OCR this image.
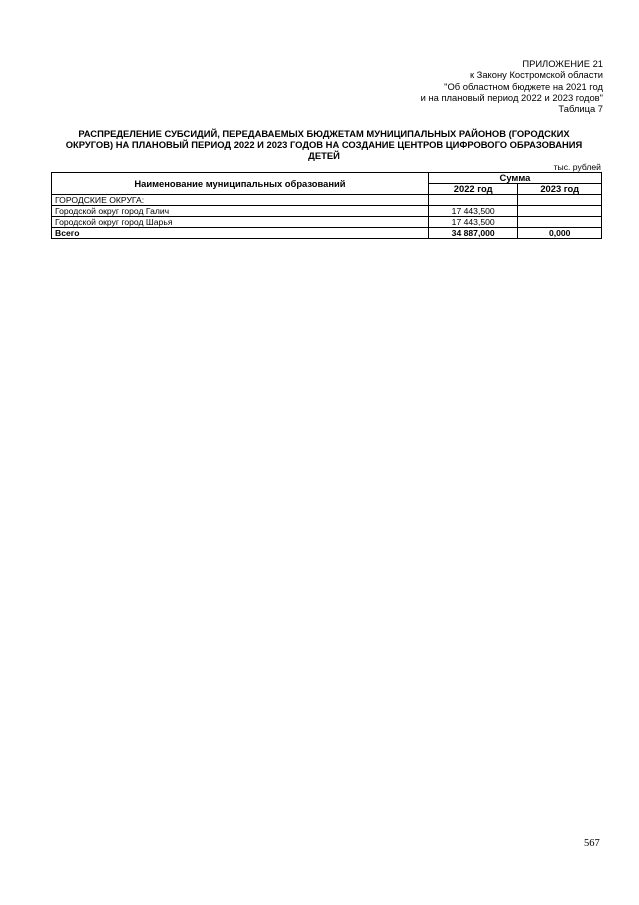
ПРИЛОЖЕНИЕ 21
к Закону Костромской области
"Об областном бюджете на 2021 год
и на плановый период 2022 и 2023 годов"
Таблица 7
РАСПРЕДЕЛЕНИЕ СУБСИДИЙ, ПЕРЕДАВАЕМЫХ БЮДЖЕТАМ МУНИЦИПАЛЬНЫХ РАЙОНОВ (ГОРОДСКИХ
ОКРУГОВ) НА ПЛАНОВЫЙ ПЕРИОД 2022 И 2023 ГОДОВ НА СОЗДАНИЕ ЦЕНТРОВ ЦИФРОВОГО ОБРАЗОВАНИЯ
ДЕТЕЙ
тыс. рублей
Наименование муниципальных образований	Сумма	
	2022 год	2023 год
ГОРОДСКИЕ ОКРУГА:		
Городской округ город Галич	17 443,500	
Городской округ город Шарья	17 443,500	
Всего	34 887,000	0,000
567
